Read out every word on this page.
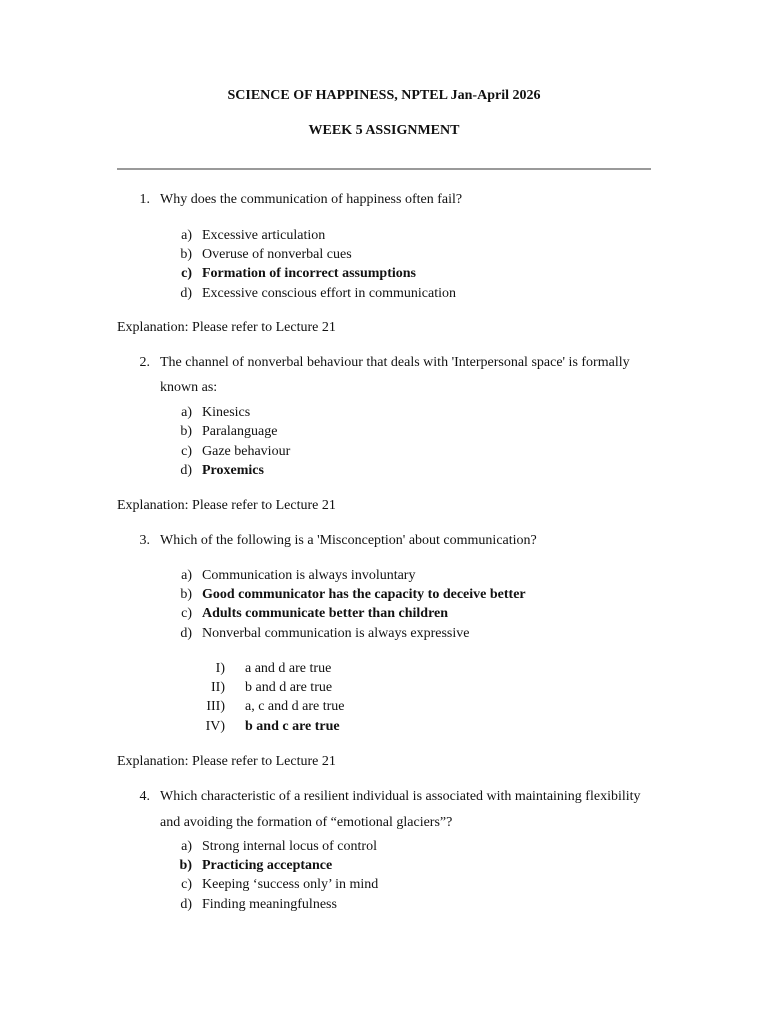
SCIENCE OF HAPPINESS, NPTEL Jan-April 2026
WEEK 5 ASSIGNMENT
1. Why does the communication of happiness often fail?
a) Excessive articulation
b) Overuse of nonverbal cues
c) Formation of incorrect assumptions
d) Excessive conscious effort in communication
Explanation: Please refer to Lecture 21
2. The channel of nonverbal behaviour that deals with 'Interpersonal space' is formally
known as:
a) Kinesics
b) Paralanguage
c) Gaze behaviour
d) Proxemics
Explanation: Please refer to Lecture 21
3. Which of the following is a 'Misconception' about communication?
a) Communication is always involuntary
b) Good communicator has the capacity to deceive better
c) Adults communicate better than children
d) Nonverbal communication is always expressive
I) a and d are true
II) b and d are true
III) a, c and d are true
IV) b and c are true
Explanation: Please refer to Lecture 21
4. Which characteristic of a resilient individual is associated with maintaining flexibility
and avoiding the formation of “emotional glaciers”?
a) Strong internal locus of control
b) Practicing acceptance
c) Keeping ‘success only’ in mind
d) Finding meaningfulness
